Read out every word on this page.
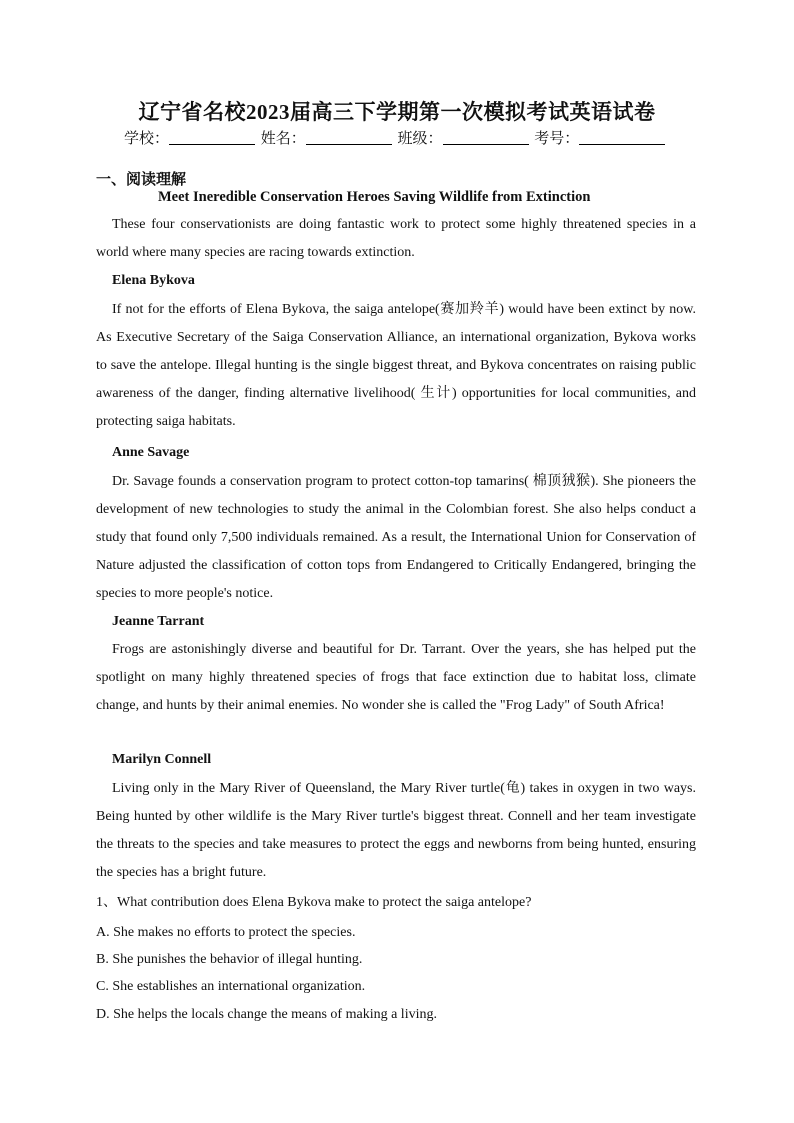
辽宁省名校2023届高三下学期第一次模拟考试英语试卷
学校：	姓名：	班级：	考号：
一、阅读理解
Meet Ineredible Conservation Heroes Saving Wildlife from Extinction

These four conservationists are doing fantastic work to protect some highly threatened species in a world where many species are racing towards extinction.

Elena Bykova

If not for the efforts of Elena Bykova, the saiga antelope(赛加羚羊) would have been extinct by now. As Executive Secretary of the Saiga Conservation Alliance, an international organization, Bykova works to save the antelope. Illegal hunting is the single biggest threat, and Bykova concentrates on raising public awareness of the danger, finding alternative livelihood( 生计) opportunities for local communities, and protecting saiga habitats.

Anne Savage

Dr. Savage founds a conservation program to protect cotton-top tamarins( 棉顶狨猴). She pioneers the development of new technologies to study the animal in the Colombian forest. She also helps conduct a study that found only 7,500 individuals remained. As a result, the International Union for Conservation of Nature adjusted the classification of cotton tops from Endangered to Critically Endangered, bringing the species to more people's notice.

Jeanne Tarrant

Frogs are astonishingly diverse and beautiful for Dr. Tarrant. Over the years, she has helped put the spotlight on many highly threatened species of frogs that face extinction due to habitat loss, climate change, and hunts by their animal enemies. No wonder she is called the "Frog Lady" of South Africa!

Marilyn Connell

Living only in the Mary River of Queensland, the Mary River turtle(龟) takes in oxygen in two ways. Being hunted by other wildlife is the Mary River turtle's biggest threat. Connell and her team investigate the threats to the species and take measures to protect the eggs and newborns from being hunted, ensuring the species has a bright future.

1、What contribution does Elena Bykova make to protect the saiga antelope?
A. She makes no efforts to protect the species.
B. She punishes the behavior of illegal hunting.
C. She establishes an international organization.
D. She helps the locals change the means of making a living.
